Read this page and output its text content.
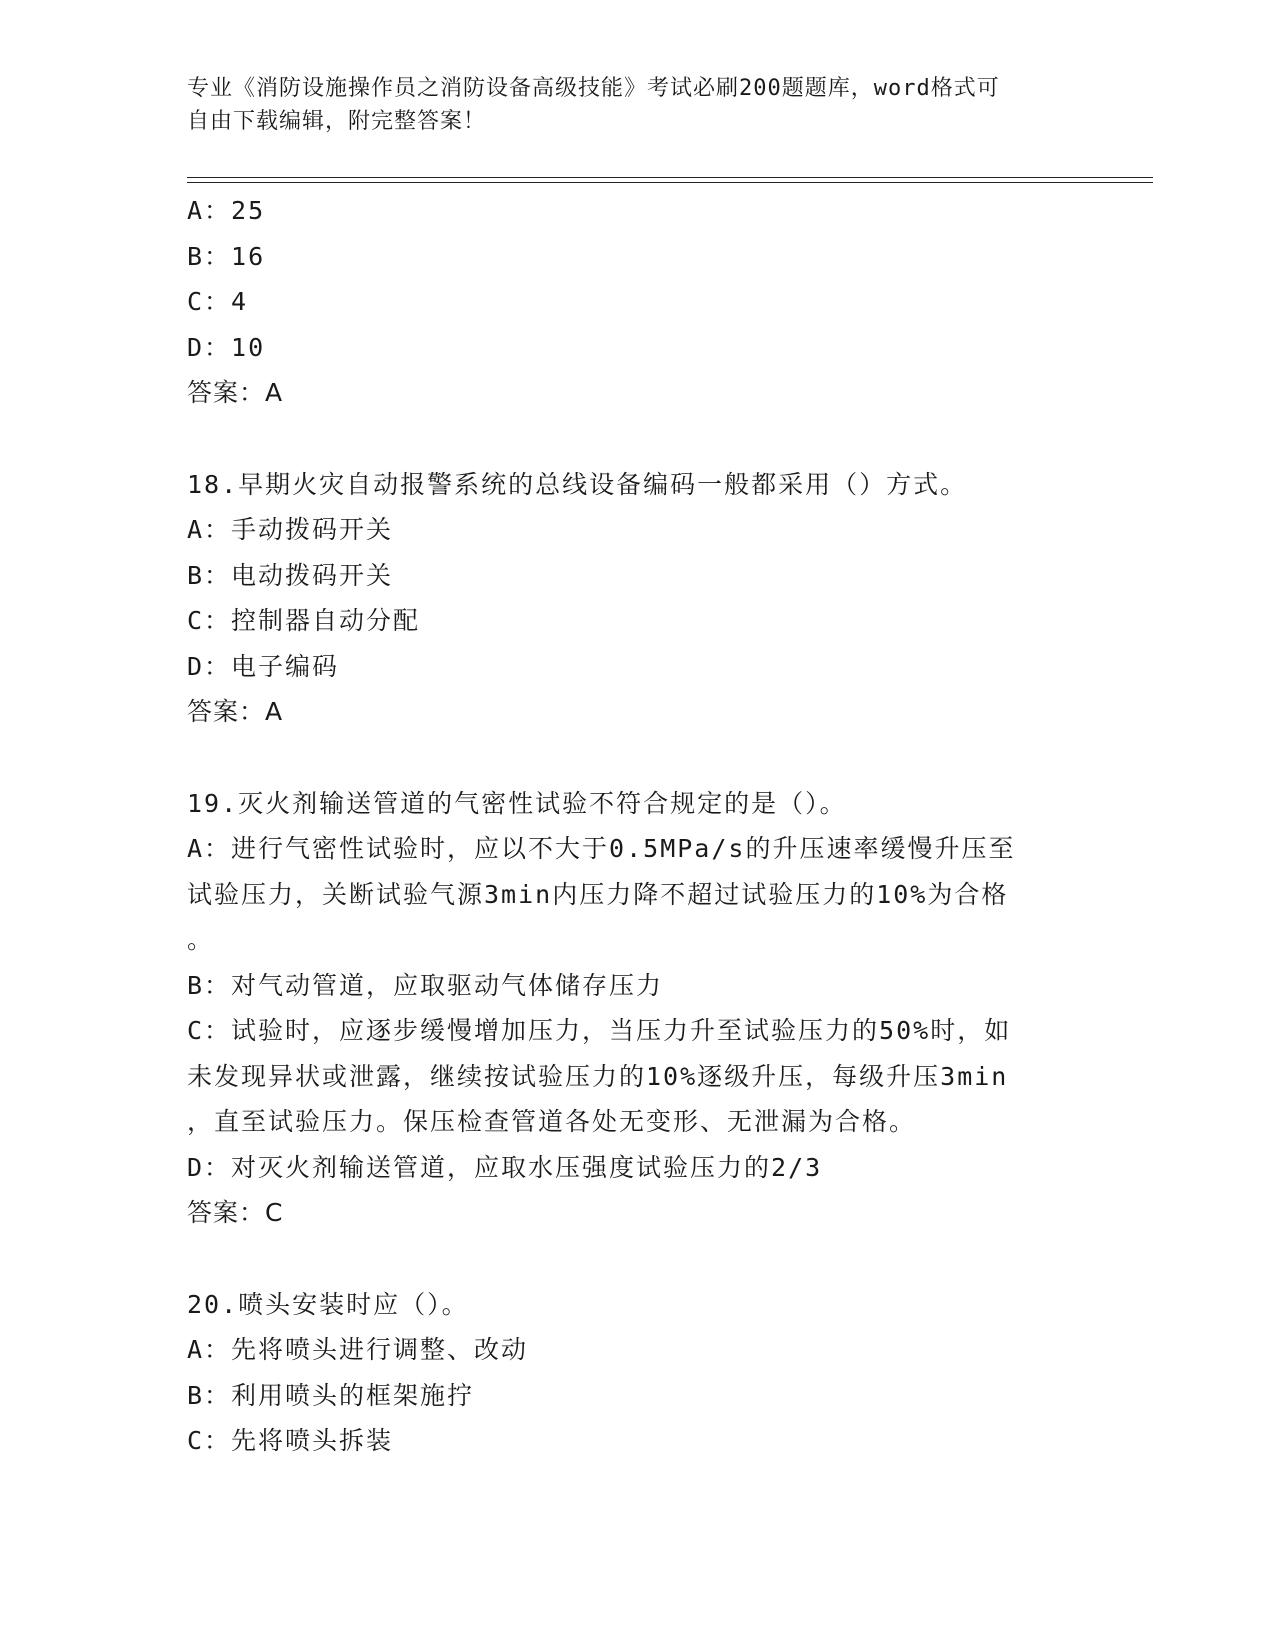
专业《消防设施操作员之消防设备高级技能》考试必刷200题题库，word格式可
自由下载编辑，附完整答案！
A：25
B：16
C：4
D：10
答案：A
18.早期火灾自动报警系统的总线设备编码一般都采用（）方式。
A：手动拨码开关
B：电动拨码开关
C：控制器自动分配
D：电子编码
答案：A
19.灭火剂输送管道的气密性试验不符合规定的是（）。
A：进行气密性试验时，应以不大于0.5MPa/s的升压速率缓慢升压至
试验压力，关断试验气源3min内压力降不超过试验压力的10%为合格
。
B：对气动管道，应取驱动气体储存压力
C：试验时，应逐步缓慢增加压力，当压力升至试验压力的50%时，如
未发现异状或泄露，继续按试验压力的10%逐级升压，每级升压3min
，直至试验压力。保压检查管道各处无变形、无泄漏为合格。
D：对灭火剂输送管道，应取水压强度试验压力的2/3
答案：C
20.喷头安装时应（）。
A：先将喷头进行调整、改动
B：利用喷头的框架施拧
C：先将喷头拆装
